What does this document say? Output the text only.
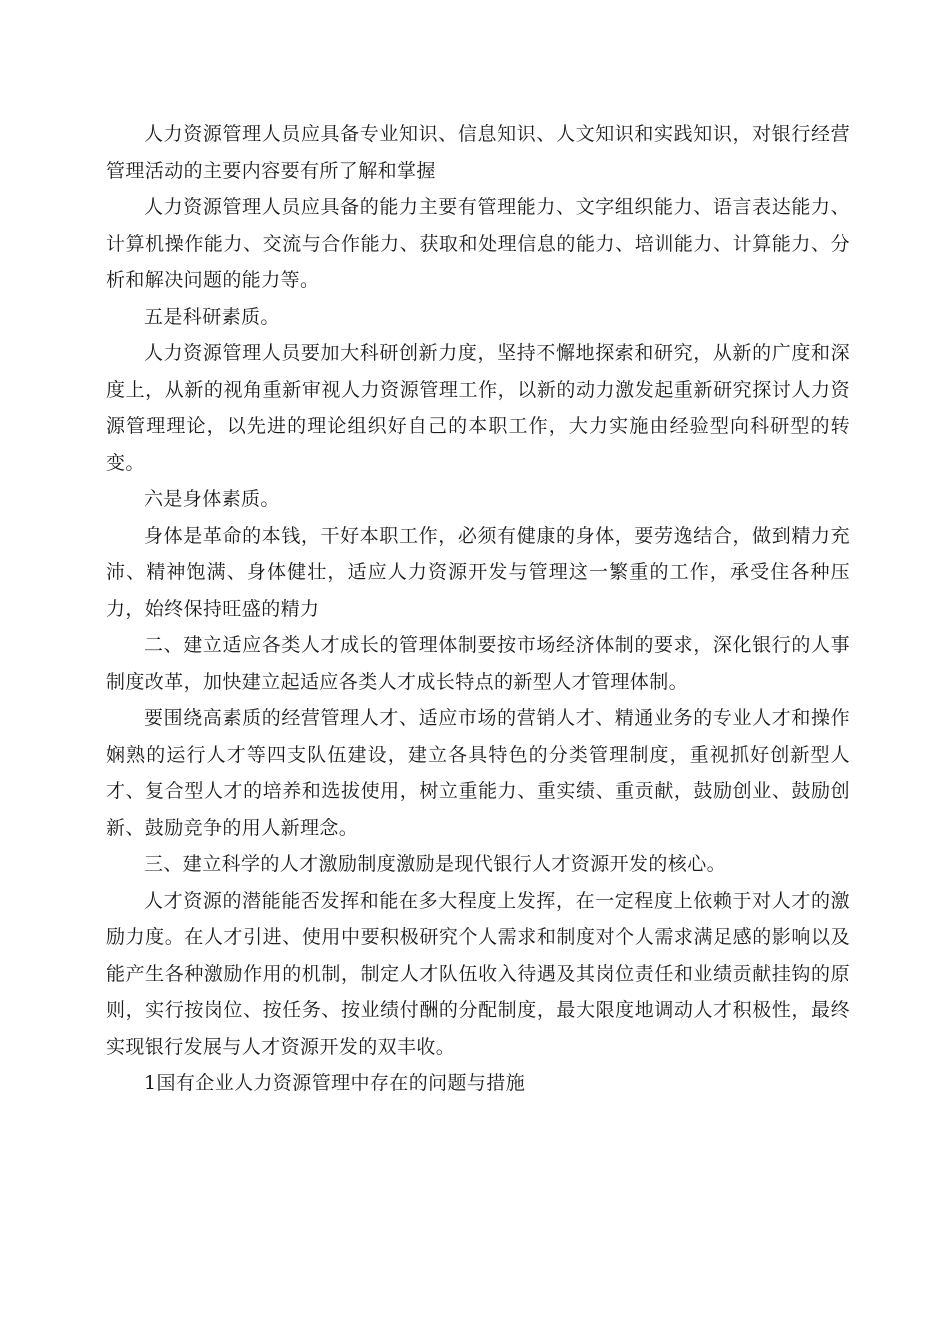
人力资源管理人员应具备专业知识、信息知识、人文知识和实践知识，对银行经营管理活动的主要内容要有所了解和掌握

人力资源管理人员应具备的能力主要有管理能力、文字组织能力、语言表达能力、计算机操作能力、交流与合作能力、获取和处理信息的能力、培训能力、计算能力、分析和解决问题的能力等。

五是科研素质。

人力资源管理人员要加大科研创新力度，坚持不懈地探索和研究，从新的广度和深度上，从新的视角重新审视人力资源管理工作，以新的动力激发起重新研究探讨人力资源管理理论，以先进的理论组织好自己的本职工作，大力实施由经验型向科研型的转变。

六是身体素质。

身体是革命的本钱，干好本职工作，必须有健康的身体，要劳逸结合，做到精力充沛、精神饱满、身体健壮，适应人力资源开发与管理这一繁重的工作，承受住各种压力，始终保持旺盛的精力

二、建立适应各类人才成长的管理体制要按市场经济体制的要求，深化银行的人事制度改革，加快建立起适应各类人才成长特点的新型人才管理体制。

要围绕高素质的经营管理人才、适应市场的营销人才、精通业务的专业人才和操作娴熟的运行人才等四支队伍建设，建立各具特色的分类管理制度，重视抓好创新型人才、复合型人才的培养和选拔使用，树立重能力、重实绩、重贡献，鼓励创业、鼓励创新、鼓励竞争的用人新理念。

三、建立科学的人才激励制度激励是现代银行人才资源开发的核心。

人才资源的潜能能否发挥和能在多大程度上发挥，在一定程度上依赖于对人才的激励力度。在人才引进、使用中要积极研究个人需求和制度对个人需求满足感的影响以及能产生各种激励作用的机制，制定人才队伍收入待遇及其岗位责任和业绩贡献挂钩的原则，实行按岗位、按任务、按业绩付酬的分配制度，最大限度地调动人才积极性，最终实现银行发展与人才资源开发的双丰收。

1国有企业人力资源管理中存在的问题与措施
